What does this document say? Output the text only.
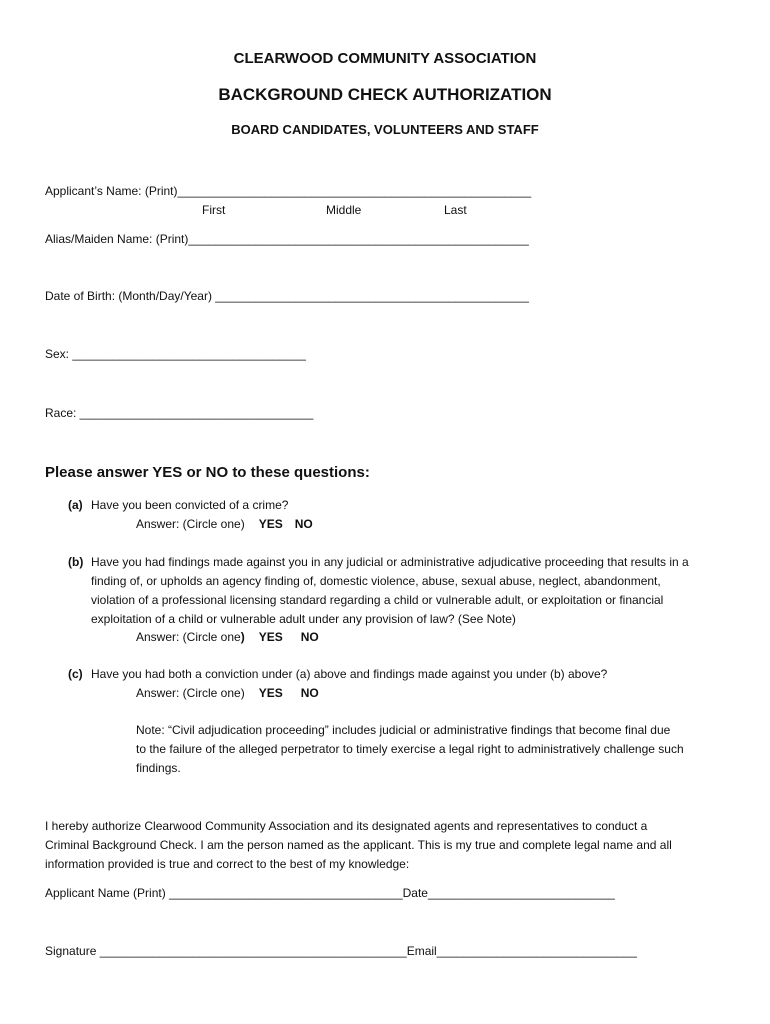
CLEARWOOD COMMUNITY ASSOCIATION
BACKGROUND CHECK AUTHORIZATION
BOARD CANDIDATES, VOLUNTEERS AND STAFF
Applicant’s Name: (Print)_____________________________________________________
First	Middle	Last
Alias/Maiden Name: (Print)___________________________________________________
Date of Birth: (Month/Day/Year) _______________________________________________
Sex: ___________________________________
Race: ___________________________________
Please answer YES or NO to these questions:
(a) Have you been convicted of a crime?
Answer: (Circle one) YES NO
(b) Have you had findings made against you in any judicial or administrative adjudicative proceeding that results in a
finding of, or upholds an agency finding of, domestic violence, abuse, sexual abuse, neglect, abandonment,
violation of a professional licensing standard regarding a child or vulnerable adult, or exploitation or financial
exploitation of a child or vulnerable adult under any provision of law? (See Note)
Answer: (Circle one) YES NO
(c) Have you had both a conviction under (a) above and findings made against you under (b) above?
Answer: (Circle one) YES NO
Note: “Civil adjudication proceeding” includes judicial or administrative findings that become final due
to the failure of the alleged perpetrator to timely exercise a legal right to administratively challenge such
findings.
I hereby authorize Clearwood Community Association and its designated agents and representatives to conduct a
Criminal Background Check. I am the person named as the applicant. This is my true and complete legal name and all
information provided is true and correct to the best of my knowledge:
Applicant Name (Print) ___________________________________Date____________________________
Signature ______________________________________________Email______________________________
